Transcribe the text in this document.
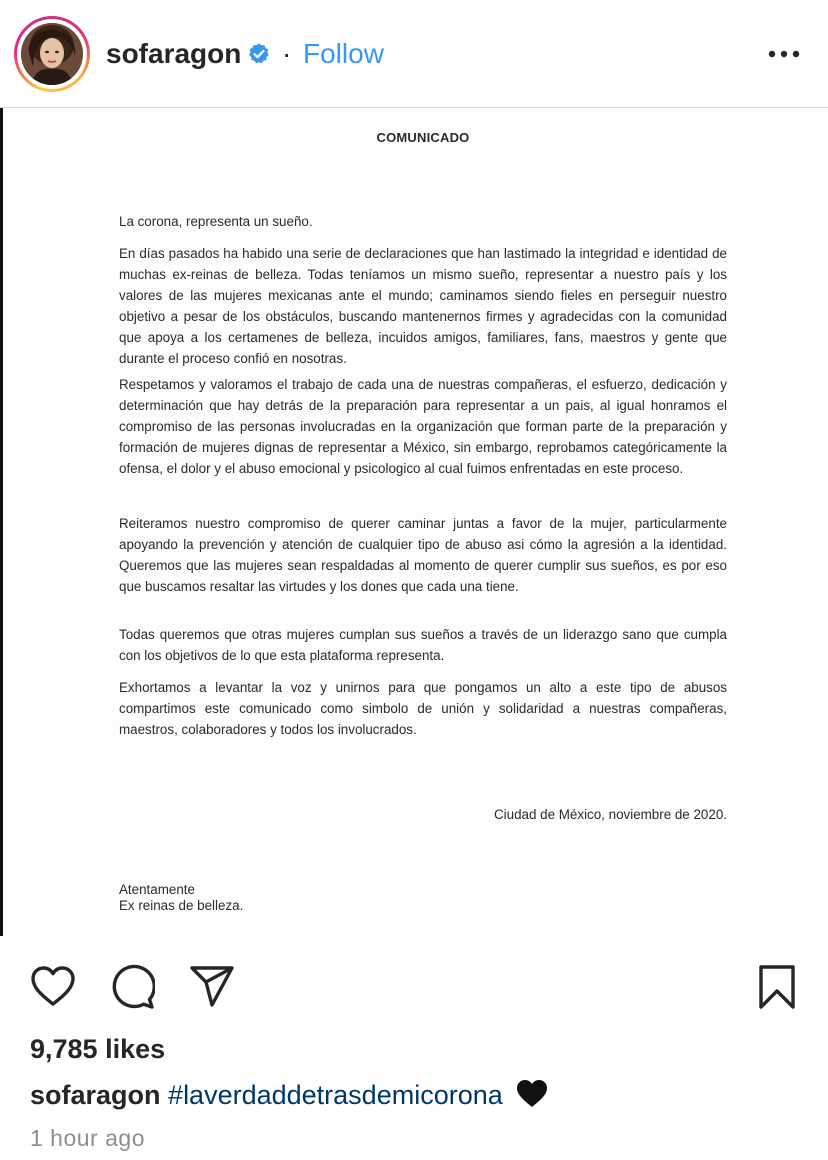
sofaragon · Follow
COMUNICADO

La corona, representa un sueño.

En días pasados ha habido una serie de declaraciones que han lastimado la integridad e identidad de muchas ex-reinas de belleza. Todas teníamos un mismo sueño, representar a nuestro país y los valores de las mujeres mexicanas ante el mundo; caminamos siendo fieles en perseguir nuestro objetivo a pesar de los obstáculos, buscando mantenernos firmes y agradecidas con la comunidad que apoya a los certamenes de belleza, incuidos amigos, familiares, fans, maestros y gente que durante el proceso confió en nosotras.

Respetamos y valoramos el trabajo de cada una de nuestras compañeras, el esfuerzo, dedicación y determinación que hay detrás de la preparación para representar a un pais, al igual honramos el compromiso de las personas involucradas en la organización que forman parte de la preparación y formación de mujeres dignas de representar a México, sin embargo, reprobamos categóricamente la ofensa, el dolor y el abuso emocional y psicologico al cual fuimos enfrentadas en este proceso.

Reiteramos nuestro compromiso de querer caminar juntas a favor de la mujer, particularmente apoyando la prevención y atención de cualquier tipo de abuso asi cómo la agresión a la identidad. Queremos que las mujeres sean respaldadas al momento de querer cumplir sus sueños, es por eso que buscamos resaltar las virtudes y los dones que cada una tiene.

Todas queremos que otras mujeres cumplan sus sueños a través de un liderazgo sano que cumpla con los objetivos de lo que esta plataforma representa.

Exhortamos a levantar la voz y unirnos para que pongamos un alto a este tipo de abusos compartimos este comunicado como simbolo de unión y solidaridad a nuestras compañeras, maestros, colaboradores y todos los involucrados.

Ciudad de México, noviembre de 2020.
Atentamente
Ex reinas de belleza.
9,785 likes
sofaragon #laverdaddetrasdemicorona
1 hour ago
